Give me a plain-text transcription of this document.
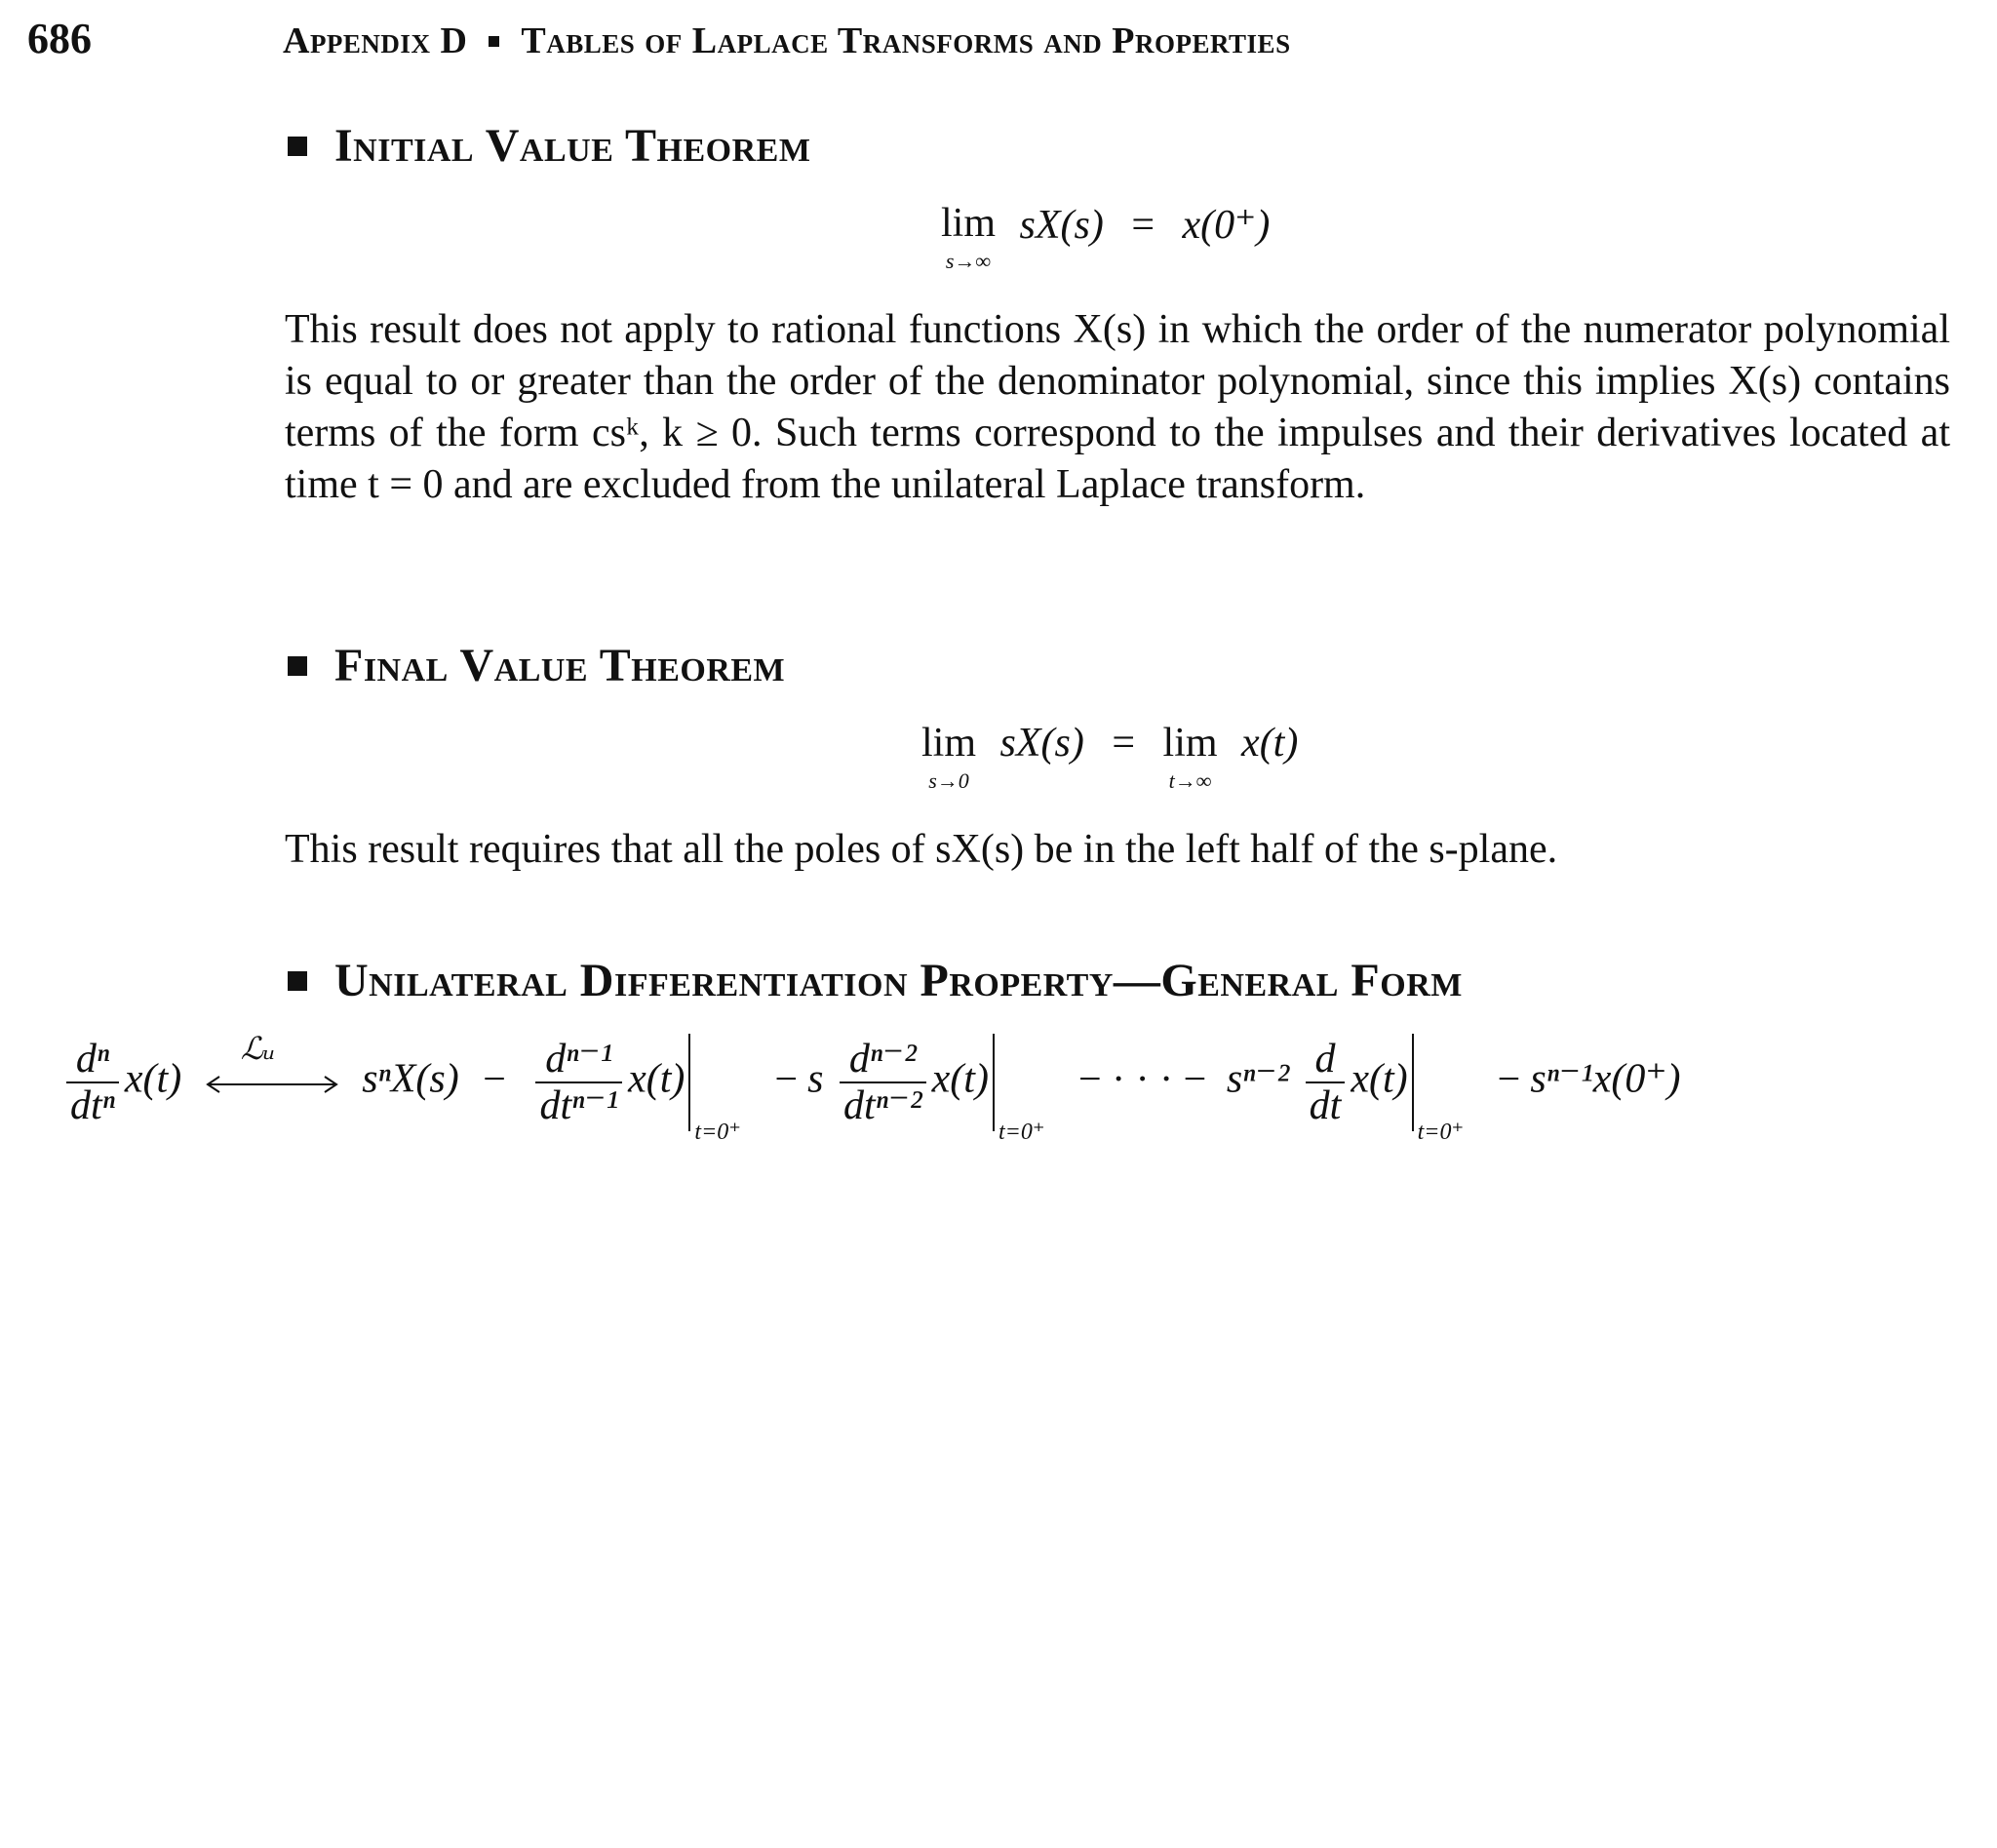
686	Appendix D Tables of Laplace Transforms and Properties
Initial Value Theorem
lim
s→∞
sX(s) = x(0⁺)
This result does not apply to rational functions X(s) in which the order of the numerator polynomial is equal to or greater than the order of the denominator polynomial, since this implies X(s) contains terms of the form csᵏ, k ≥ 0. Such terms correspond to the impulses and their derivatives located at time t = 0 and are excluded from the unilateral Laplace transform.
Final Value Theorem
lim
s→0
sX(s) = lim
t→∞
x(t)
This result requires that all the poles of sX(s) be in the left half of the s-plane.
Unilateral Differentiation Property—General Form
$\frac{\text{dⁿ}}{\text{dtⁿ}} x(t)$
ℒᵤ
$s^nX(s) - \frac{\text{dⁿ⁻¹}}{\text{dtⁿ⁻¹}} x(t)t=0^+ - s \frac{\text{dⁿ⁻²}}{\text{dtⁿ⁻²}} x(t)t=0^+$ − · · · − $s^{n-2} \frac{d}{dt} x(t)t=0^+ - s^{n-1}x(0^+)$
